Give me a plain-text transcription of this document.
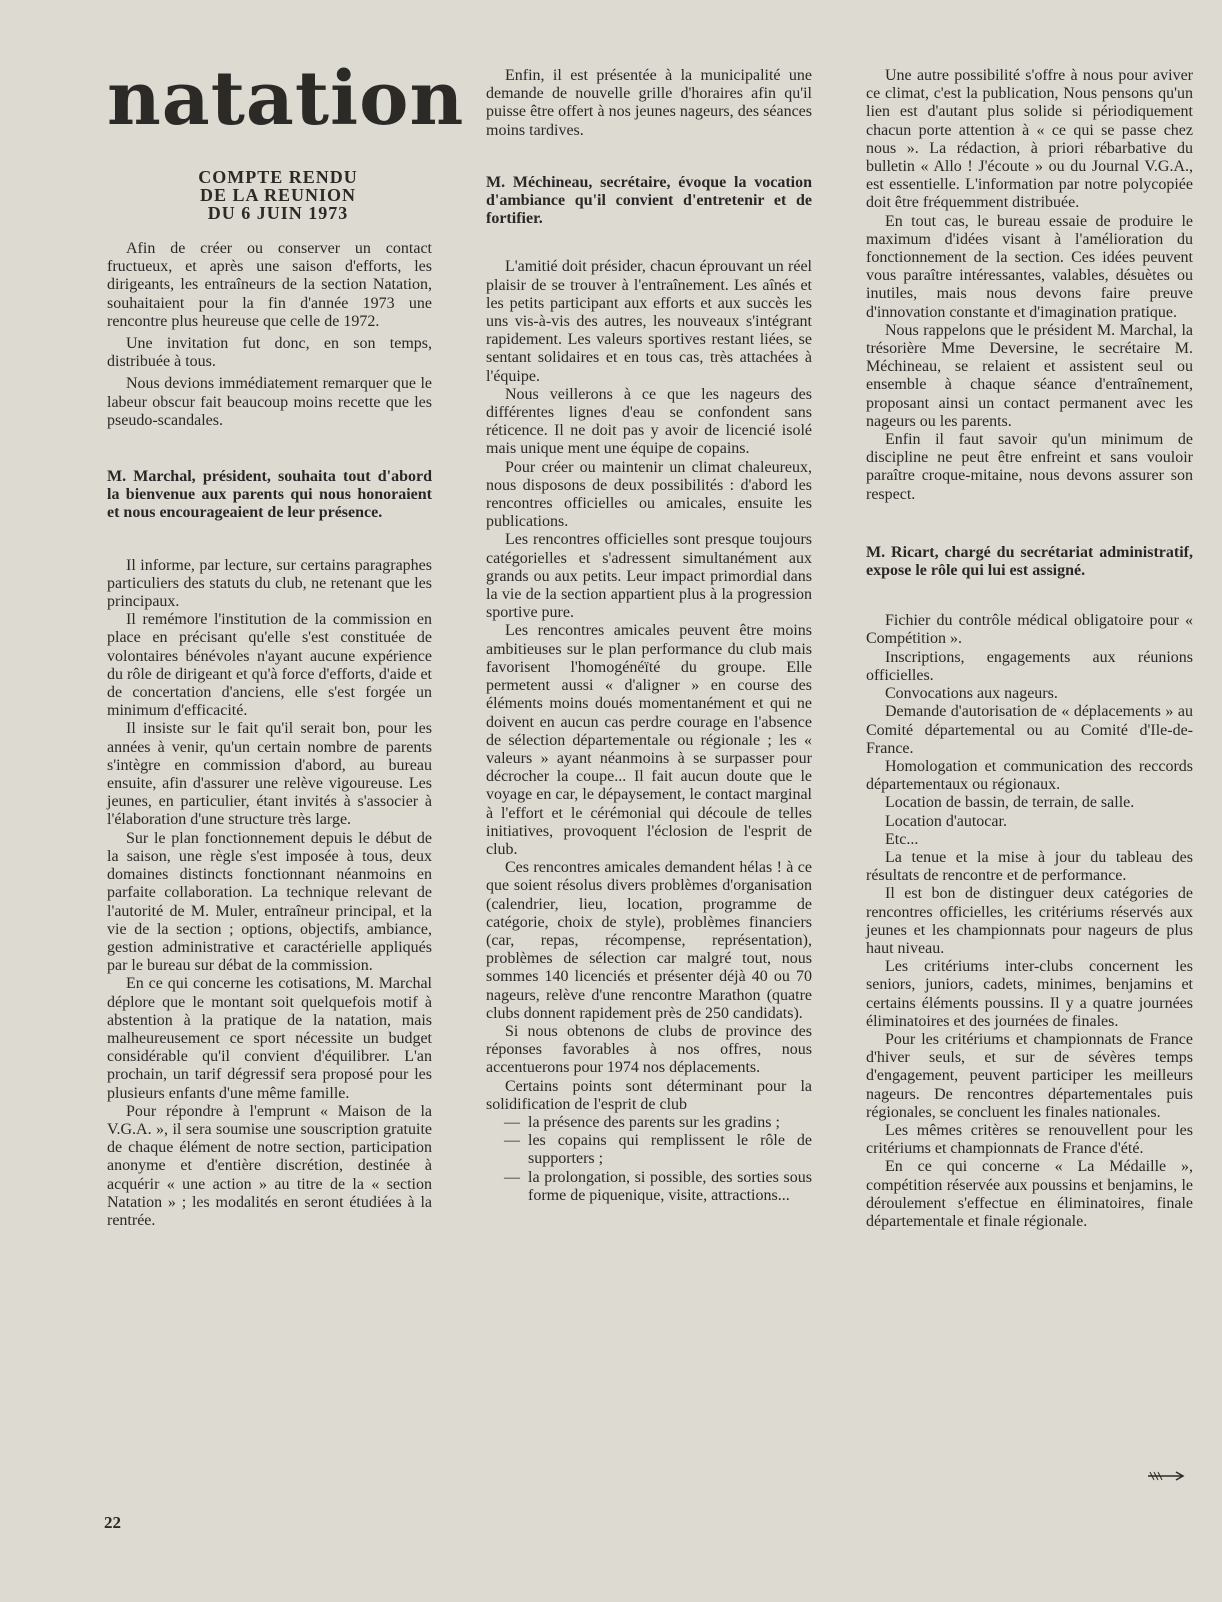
natation
COMPTE RENDU
DE LA REUNION
DU 6 JUIN 1973

Afin de créer ou conserver un contact fructueux, et après une saison d'efforts, les dirigeants, les entraîneurs de la section Natation, souhaitaient pour la fin d'année 1973 une rencontre plus heureuse que celle de 1972.

Une invitation fut donc, en son temps, distribuée à tous.

Nous devions immédiatement remarquer que le labeur obscur fait beaucoup moins recette que les pseudo-scandales.

M. Marchal, président, souhaita tout d'abord la bienvenue aux parents qui nous honoraient et nous encourageaient de leur présence.

Il informe, par lecture, sur certains paragraphes particuliers des statuts du club, ne retenant que les principaux.

Il remémore l'institution de la commission en place en précisant qu'elle s'est constituée de volontaires bénévoles n'ayant aucune expérience du rôle de dirigeant et qu'à force d'efforts, d'aide et de concertation d'anciens, elle s'est forgée un minimum d'efficacité.

Il insiste sur le fait qu'il serait bon, pour les années à venir, qu'un certain nombre de parents s'intègre en commission d'abord, au bureau ensuite, afin d'assurer une relève vigoureuse. Les jeunes, en particulier, étant invités à s'associer à l'élaboration d'une structure très large.

Sur le plan fonctionnement depuis le début de la saison, une règle s'est imposée à tous, deux domaines distincts fonctionnant néanmoins en parfaite collaboration. La technique relevant de l'autorité de M. Muler, entraîneur principal, et la vie de la section ; options, objectifs, ambiance, gestion administrative et caractérielle appliqués par le bureau sur débat de la commission.

En ce qui concerne les cotisations, M. Marchal déplore que le montant soit quelquefois motif à abstention à la pratique de la natation, mais malheureusement ce sport nécessite un budget considérable qu'il convient d'équilibrer. L'an prochain, un tarif dégressif sera proposé pour les plusieurs enfants d'une même famille.

Pour répondre à l'emprunt « Maison de la V.G.A. », il sera soumise une souscription gratuite de chaque élément de notre section, participation anonyme et d'entière discrétion, destinée à acquérir « une action » au titre de la « section Natation » ; les modalités en seront étudiées à la rentrée.

Enfin, il est présentée à la municipalité une demande de nouvelle grille d'horaires afin qu'il puisse être offert à nos jeunes nageurs, des séances moins tardives.

M. Méchineau, secrétaire, évoque la vocation d'ambiance qu'il convient d'entretenir et de fortifier.

L'amitié doit présider, chacun éprouvant un réel plaisir de se trouver à l'entraînement. Les aînés et les petits participant aux efforts et aux succès les uns vis-à-vis des autres, les nouveaux s'intégrant rapidement. Les valeurs sportives restant liées, se sentant solidaires et en tous cas, très attachées à l'équipe.

Nous veillerons à ce que les nageurs des différentes lignes d'eau se confondent sans réticence. Il ne doit pas y avoir de licencié isolé mais unique ment une équipe de copains.

Pour créer ou maintenir un climat chaleureux, nous disposons de deux possibilités : d'abord les rencontres officielles ou amicales, ensuite les publications.

Les rencontres officielles sont presque toujours catégorielles et s'adressent simultanément aux grands ou aux petits. Leur impact primordial dans la vie de la section appartient plus à la progression sportive pure.

Les rencontres amicales peuvent être moins ambitieuses sur le plan performance du club mais favorisent l'homogénéïté du groupe. Elle permetent aussi « d'aligner » en course des éléments moins doués momentanément et qui ne doivent en aucun cas perdre courage en l'absence de sélection départementale ou régionale ; les « valeurs » ayant néanmoins à se surpasser pour décrocher la coupe... Il fait aucun doute que le voyage en car, le dépaysement, le contact marginal à l'effort et le cérémonial qui découle de telles initiatives, provoquent l'éclosion de l'esprit de club.

Ces rencontres amicales demandent hélas ! à ce que soient résolus divers problèmes d'organisation (calendrier, lieu, location, programme de catégorie, choix de style), problèmes financiers (car, repas, récompense, représentation), problèmes de sélection car malgré tout, nous sommes 140 licenciés et présenter déjà 40 ou 70 nageurs, relève d'une rencontre Marathon (quatre clubs donnent rapidement près de 250 candidats).

Si nous obtenons de clubs de province des réponses favorables à nos offres, nous accentuerons pour 1974 nos déplacements.

Certains points sont déterminant pour la solidification de l'esprit de club

— la présence des parents sur les gradins ;
— les copains qui remplissent le rôle de supporters ;
— la prolongation, si possible, des sorties sous forme de piquenique, visite, attractions...

Une autre possibilité s'offre à nous pour aviver ce climat, c'est la publication, Nous pensons qu'un lien est d'autant plus solide si périodiquement chacun porte attention à « ce qui se passe chez nous ». La rédaction, à priori rébarbative du bulletin « Allo ! J'écoute » ou du Journal V.G.A., est essentielle. L'information par notre polycopiée doit être fréquemment distribuée.

En tout cas, le bureau essaie de produire le maximum d'idées visant à l'amélioration du fonctionnement de la section. Ces idées peuvent vous paraître intéressantes, valables, désuètes ou inutiles, mais nous devons faire preuve d'innovation constante et d'imagination pratique.

Nous rappelons que le président M. Marchal, la trésorière Mme Deversine, le secrétaire M. Méchineau, se relaient et assistent seul ou ensemble à chaque séance d'entraînement, proposant ainsi un contact permanent avec les nageurs ou les parents.

Enfin il faut savoir qu'un minimum de discipline ne peut être enfreint et sans vouloir paraître croque-mitaine, nous devons assurer son respect.

M. Ricart, chargé du secrétariat administratif, expose le rôle qui lui est assigné.

Fichier du contrôle médical obligatoire pour « Compétition ».

Inscriptions, engagements aux réunions officielles.

Convocations aux nageurs.

Demande d'autorisation de « déplacements » au Comité départemental ou au Comité d'Ile-de-France.

Homologation et communication des reccords départementaux ou régionaux.

Location de bassin, de terrain, de salle.

Location d'autocar.

Etc...

La tenue et la mise à jour du tableau des résultats de rencontre et de performance.

Il est bon de distinguer deux catégories de rencontres officielles, les critériums réservés aux jeunes et les championnats pour nageurs de plus haut niveau.

Les critériums inter-clubs concernent les seniors, juniors, cadets, minimes, benjamins et certains éléments poussins. Il y a quatre journées éliminatoires et des journées de finales.

Pour les critériums et championnats de France d'hiver seuls, et sur de sévères temps d'engagement, peuvent participer les meilleurs nageurs. De rencontres départementales puis régionales, se concluent les finales nationales.

Les mêmes critères se renouvellent pour les critériums et championnats de France d'été.

En ce qui concerne « La Médaille », compétition réservée aux poussins et benjamins, le déroulement s'effectue en éliminatoires, finale départementale et finale régionale.

22
